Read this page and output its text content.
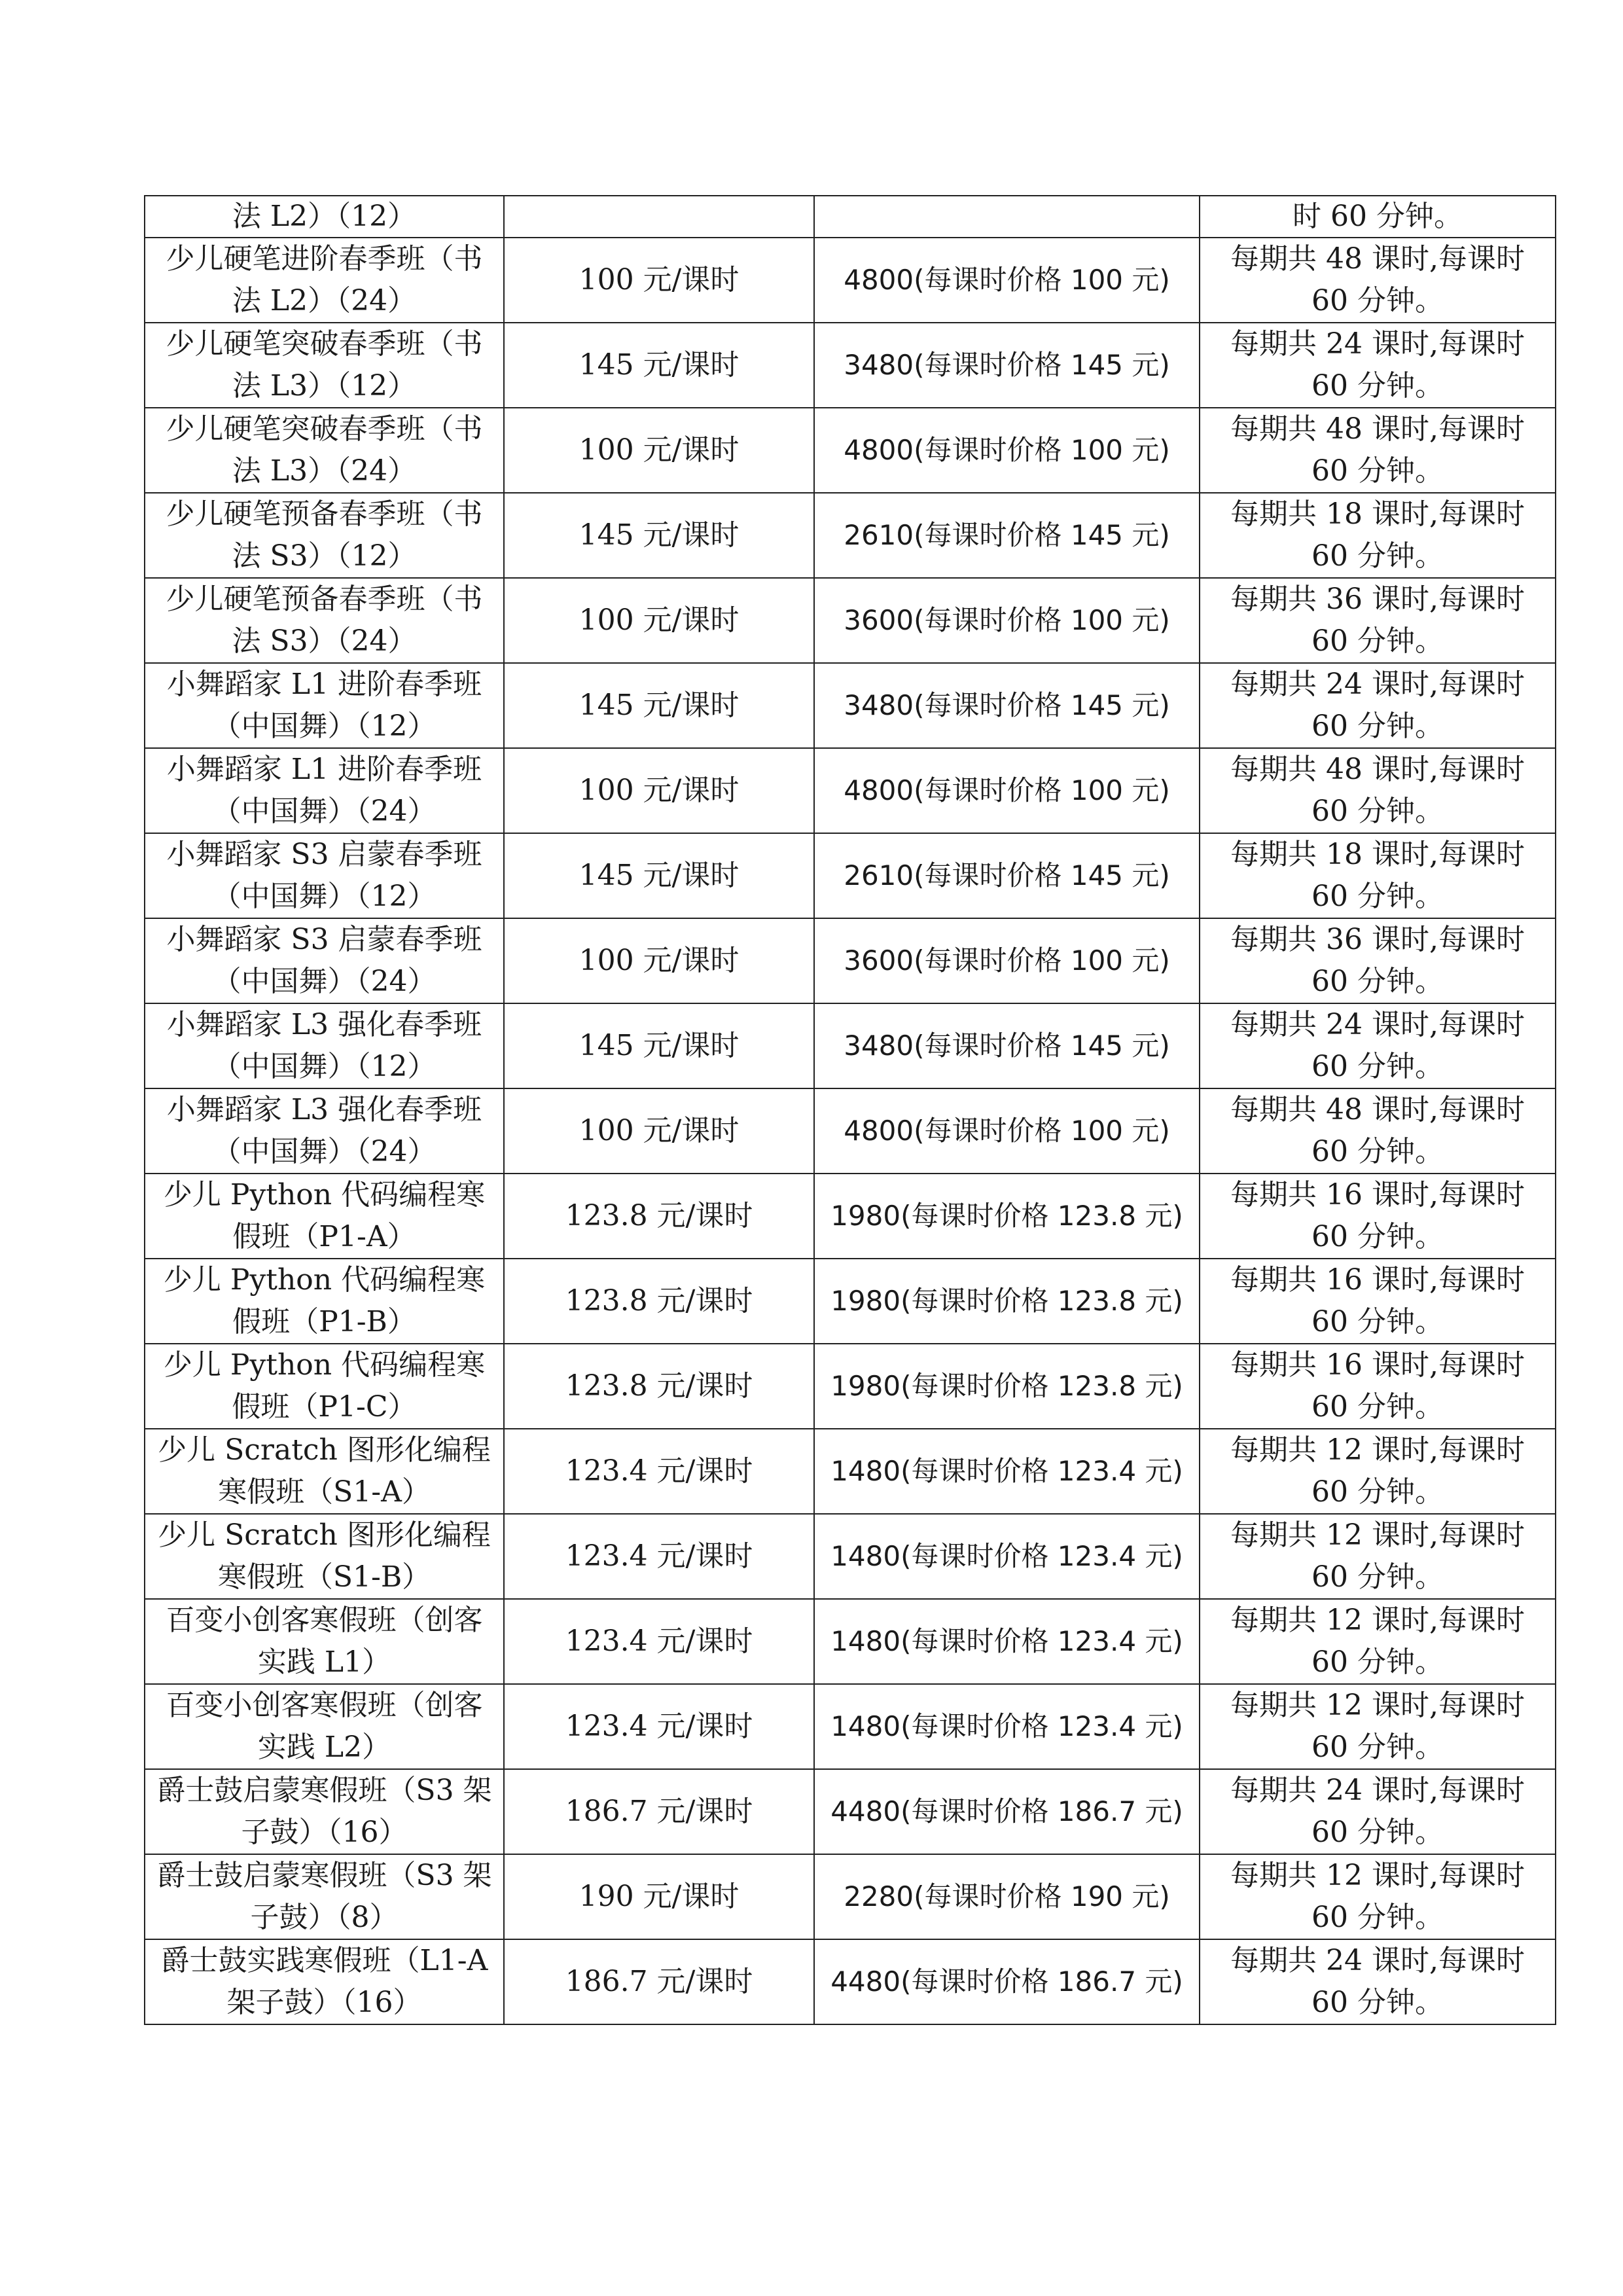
法 L2）（12）			时 60 分钟。
少儿硬笔进阶春季班（书法 L2）（24）	100 元/课时	4800(每课时价格 100 元)	每期共 48 课时,每课时 60 分钟。
少儿硬笔突破春季班（书法 L3）（12）	145 元/课时	3480(每课时价格 145 元)	每期共 24 课时,每课时 60 分钟。
少儿硬笔突破春季班（书法 L3）（24）	100 元/课时	4800(每课时价格 100 元)	每期共 48 课时,每课时 60 分钟。
少儿硬笔预备春季班（书法 S3）（12）	145 元/课时	2610(每课时价格 145 元)	每期共 18 课时,每课时 60 分钟。
少儿硬笔预备春季班（书法 S3）（24）	100 元/课时	3600(每课时价格 100 元)	每期共 36 课时,每课时 60 分钟。
小舞蹈家 L1 进阶春季班（中国舞）（12）	145 元/课时	3480(每课时价格 145 元)	每期共 24 课时,每课时 60 分钟。
小舞蹈家 L1 进阶春季班（中国舞）（24）	100 元/课时	4800(每课时价格 100 元)	每期共 48 课时,每课时 60 分钟。
小舞蹈家 S3 启蒙春季班（中国舞）（12）	145 元/课时	2610(每课时价格 145 元)	每期共 18 课时,每课时 60 分钟。
小舞蹈家 S3 启蒙春季班（中国舞）（24）	100 元/课时	3600(每课时价格 100 元)	每期共 36 课时,每课时 60 分钟。
小舞蹈家 L3 强化春季班（中国舞）（12）	145 元/课时	3480(每课时价格 145 元)	每期共 24 课时,每课时 60 分钟。
小舞蹈家 L3 强化春季班（中国舞）（24）	100 元/课时	4800(每课时价格 100 元)	每期共 48 课时,每课时 60 分钟。
少儿 Python 代码编程寒假班（P1-A）	123.8 元/课时	1980(每课时价格 123.8 元)	每期共 16 课时,每课时 60 分钟。
少儿 Python 代码编程寒假班（P1-B）	123.8 元/课时	1980(每课时价格 123.8 元)	每期共 16 课时,每课时 60 分钟。
少儿 Python 代码编程寒假班（P1-C）	123.8 元/课时	1980(每课时价格 123.8 元)	每期共 16 课时,每课时 60 分钟。
少儿 Scratch 图形化编程寒假班（S1-A）	123.4 元/课时	1480(每课时价格 123.4 元)	每期共 12 课时,每课时 60 分钟。
少儿 Scratch 图形化编程寒假班（S1-B）	123.4 元/课时	1480(每课时价格 123.4 元)	每期共 12 课时,每课时 60 分钟。
百变小创客寒假班（创客实践 L1）	123.4 元/课时	1480(每课时价格 123.4 元)	每期共 12 课时,每课时 60 分钟。
百变小创客寒假班（创客实践 L2）	123.4 元/课时	1480(每课时价格 123.4 元)	每期共 12 课时,每课时 60 分钟。
爵士鼓启蒙寒假班（S3 架子鼓）（16）	186.7 元/课时	4480(每课时价格 186.7 元)	每期共 24 课时,每课时 60 分钟。
爵士鼓启蒙寒假班（S3 架子鼓）（8）	190 元/课时	2280(每课时价格 190 元)	每期共 12 课时,每课时 60 分钟。
爵士鼓实践寒假班（L1-A 架子鼓）（16）	186.7 元/课时	4480(每课时价格 186.7 元)	每期共 24 课时,每课时 60 分钟。
